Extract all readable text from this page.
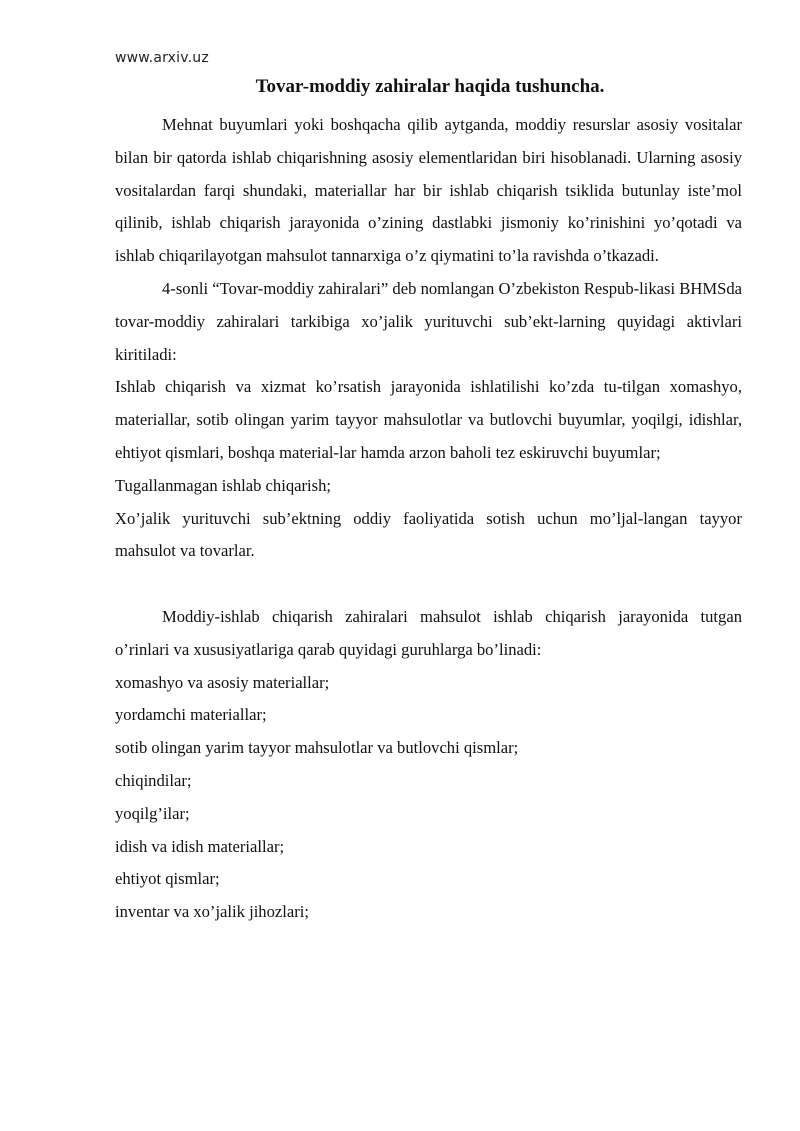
www.arxiv.uz
Tovar-moddiy zahiralar haqida tushuncha.

Mehnat buyumlari yoki boshqacha qilib aytganda, moddiy resurslar asosiy vositalar bilan bir qatorda ishlab chiqarishning asosiy elementlaridan biri hisoblanadi. Ularning asosiy vositalardan farqi shundaki, materiallar har bir ishlab chiqarish tsiklida butunlay iste’mol qilinib, ishlab chiqarish jarayonida o’zining dastlabki jismoniy ko’rinishini yo’qotadi va ishlab chiqarilayotgan mahsulot tannarxiga o’z qiymatini to’la ravishda o’tkazadi.

4-sonli “Tovar-moddiy zahiralari” deb nomlangan O’zbekiston Respub-likasi BHMSda tovar-moddiy zahiralari tarkibiga xo’jalik yurituvchi sub’ekt-larning quyidagi aktivlari kiritiladi:

Ishlab chiqarish va xizmat ko’rsatish jarayonida ishlatilishi ko’zda tu-tilgan xomashyo, materiallar, sotib olingan yarim tayyor mahsulotlar va butlovchi buyumlar, yoqilgi, idishlar, ehtiyot qismlari, boshqa material-lar hamda arzon baholi tez eskiruvchi buyumlar;

Tugallanmagan ishlab chiqarish;

Xo’jalik yurituvchi sub’ektning oddiy faoliyatida sotish uchun mo’ljal-langan tayyor mahsulot va tovarlar.

Moddiy-ishlab chiqarish zahiralari mahsulot ishlab chiqarish jarayonida tutgan o’rinlari va xususiyatlariga qarab quyidagi guruhlarga bo’linadi:

xomashyo va asosiy materiallar;

yordamchi materiallar;

sotib olingan yarim tayyor mahsulotlar va butlovchi qismlar;

chiqindilar;

yoqilg’ilar;

idish va idish materiallar;

ehtiyot qismlar;

inventar va xo’jalik jihozlari;
